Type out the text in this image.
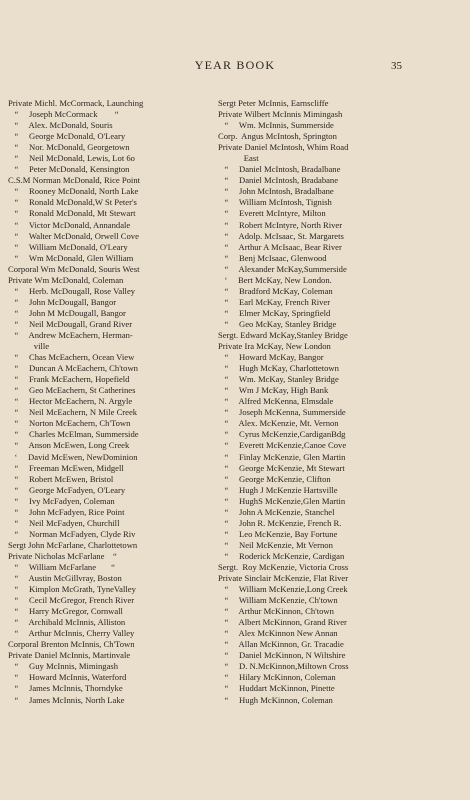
YEAR BOOK	35
Private Michl. McCormack, Launching
“     Joseph McCormack        “
“     Alex. McDonald, Souris
“     George McDonald, O'Leary
“     Nor. McDonald, Georgetown
“     Neil McDonald, Lewis, Lot 6o
“     Peter McDonald, Kensington
C.S.M Norman McDonald, Rice Point
“     Rooney McDonald, North Lake
“     Ronald McDonald,W St Peter's
“     Ronald McDonald, Mt Stewart
“     Victor McDonald, Annandale
“     Walter McDonald, Orwell Cove
“     William McDonald, O'Leary
“     Wm McDonald, Glen William
Corporal Wm McDonald, Souris West
Private Wm McDonald, Coleman
“     Herb. McDougall, Rose Valley
“     John McDougall, Bangor
“     John M McDougall, Bangor
“     Neil McDougall, Grand River
“     Andrew McEachern, Herman-
ville
“     Chas McEachern, Ocean View
“     Duncan A McEachern, Ch'town
“     Frank McEachern, Hopefield
“     Geo McEachern, St Catherines
“     Hector McEachern, N. Argyle
“     Neil McEachern, N Mile Creek
“     Norton McEachern, Ch'Town
“     Charles McElman, Summerside
“     Anson McEwen, Long Creek
‘     David McEwen, NewDominion
“     Freeman McEwen, Midgell
“     Robert McEwen, Bristol
“     George McFadyen, O'Leary
“     Ivy McFadyen, Coleman
“     John McFadyen, Rice Point
“     Neil McFadyen, Churchill
“     Norman McFadyen, Clyde Riv
Sergt John McFarlane, Charlottetown
Private Nicholas McFarlane    “
“     William McFarlane       “
“     Austin McGillvray, Boston
“     Kimplon McGrath, TyneValley
“     Cecil McGregor, French River
“     Harry McGregor, Cornwall
“     Archibald McInnis, Alliston
“     Arthur McInnis, Cherry Valley
Corporal Brenton McInnis, Ch'Town
Private Daniel McInnis, Martinvale
“     Guy McInnis, Mimingash
“     Howard McInnis, Waterford
“     James McInnis, Thorndyke
“     James McInnis, North Lake
Sergt Peter McInnis, Earnscliffe
Private Wilbert McInnis Mimingash
“     Wm. McInnis, Summerside
Corp.  Angus McIntosh, Springton
Private Daniel McIntosh, Whim Road
East
“     Daniel McIntosh, Bradalbane
“     Daniel McIntosh, Bradabane
“     John McIntosh, Bradalbane
“     William McIntosh, Tignish
“     Everett McIntyre, Milton
“     Robert McIntyre, North River
“     Adolp. McIsaac, St. Margarets
“     Arthur A McIsaac, Bear River
“     Benj McIsaac, Glenwood
“     Alexander McKay,Summerside
‘     Bert McKay, New London.
“     Bradford McKay, Coleman
“     Earl McKay, French River
“     Elmer McKay, Springfield
“     Geo McKay, Stanley Bridge
Sergt. Edward McKay,Stanley Bridge
Private Ira McKay, New London
“     Howard McKay, Bangor
“     Hugh McKay, Charlottetown
“     Wm. McKay, Stanley Bridge
“     Wm J McKay, High Bank
“     Alfred McKenna, Elmsdale
“     Joseph McKenna, Summerside
“     Alex. McKenzie, Mt. Vernon
“     Cyrus McKenzie,CardiganBdg
“     Everett McKenzie,Canoe Cove
“     Finlay McKenzie, Glen Martin
“     George McKenzie, Mt Stewart
“     George McKenzie, Clifton
“     Hugh J McKenzie Hartsville
“     HughS McKenzie,Glen Martin
“     John A McKenzie, Stanchel
“     John R. McKenzie, French R.
“     Leo McKenzie, Bay Fortune
“     Neil McKenzie, Mt Vernon
“     Roderick McKenzie, Cardigan
Sergt.  Roy McKenzie, Victoria Cross
Private Sinclair McKenzie, Flat River
“     William McKenzie,Long Creek
“     William McKenzie, Ch'town
“     Arthur McKinnon, Ch'town
“     Albert McKinnon, Grand River
“     Alex McKinnon New Annan
“     Allan McKinnon, Gr. Tracadie
“     Daniel McKinnon, N Wiltshire
“     D. N.McKinnon,Miltown Cross
“     Hilary McKinnon, Coleman
“     Huddart McKinnon, Pinette
“     Hugh McKinnon, Coleman
